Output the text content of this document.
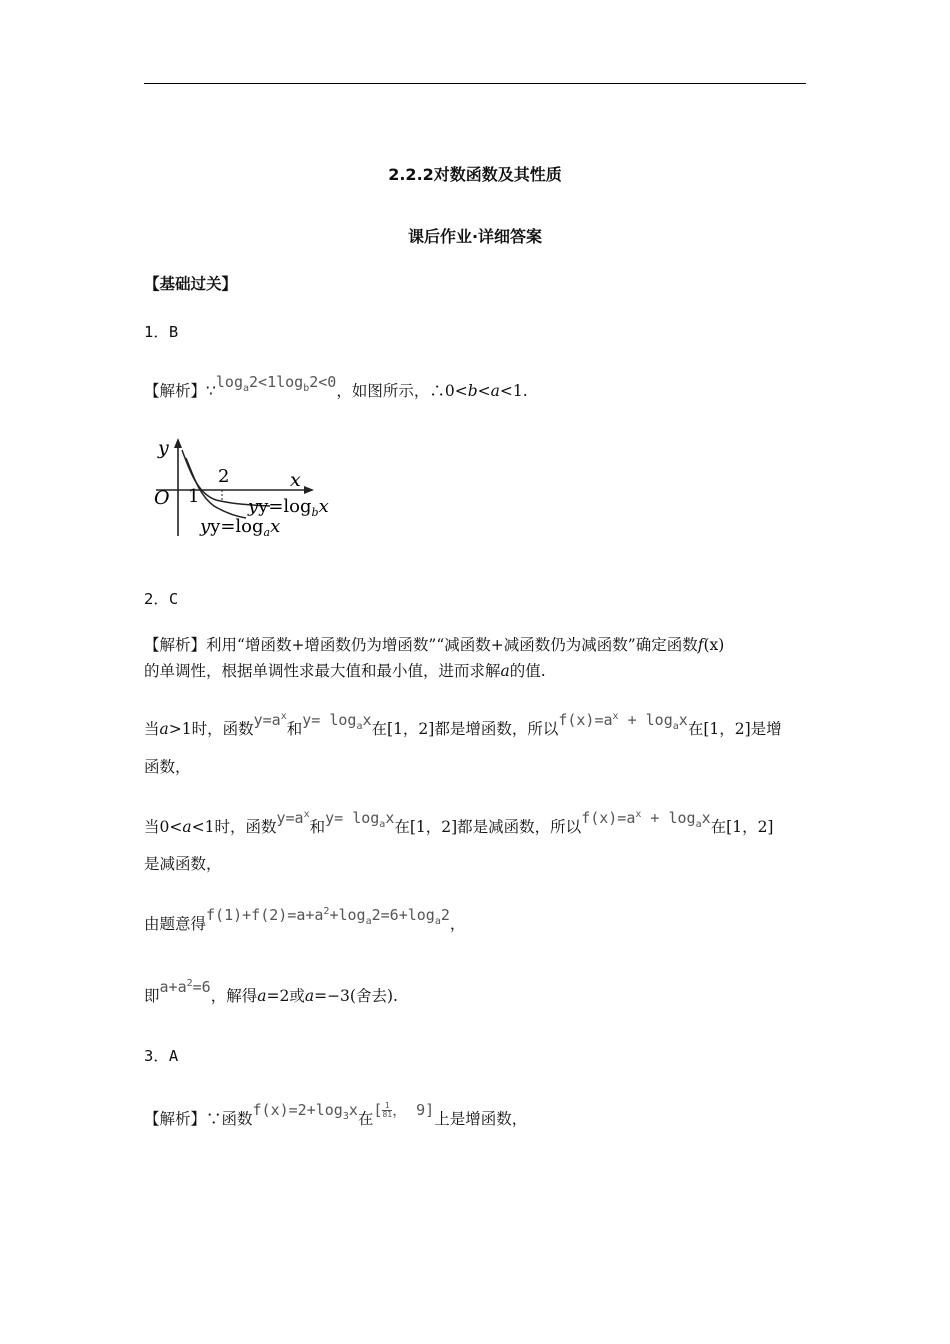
2.2.2对数函数及其性质
课后作业·详细答案
【基础过关】
1．B
【解析】$\because\log_a2<1\log_b2<0$，如图所示，∴0<b<a<1.
y
x
O 1
2
$yy=\log_bx$
$yy=\log_ax$
2．C
【解析】利用“增函数+增函数仍为增函数”“减函数+减函数仍为减函数”确定函数f(x)
的单调性，根据单调性求最大值和最小值，进而求解a的值.
当a>1时，函数$y=a^x$和$y= \log_ax$在[1，2]都是增函数，所以$f(x)=a^x + \log_ax$在[1，2]是增
函数，
当0<a<1时，函数$y=a^x$和$y= \log_ax$在[1，2]都是减函数，所以$f(x)=a^x + \log_ax$在[1，2]
是减函数，
由题意得$f(1)+f(2)=a+a^2+\log_a2=6+\log_a2$，
即$a+a^2=6$，解得a=2或a=−3(舍去).
3．A
【解析】∵函数$f(x)=2+\log_3x$在[ $\frac{1}{81}$ ， 9]上是增函数，
